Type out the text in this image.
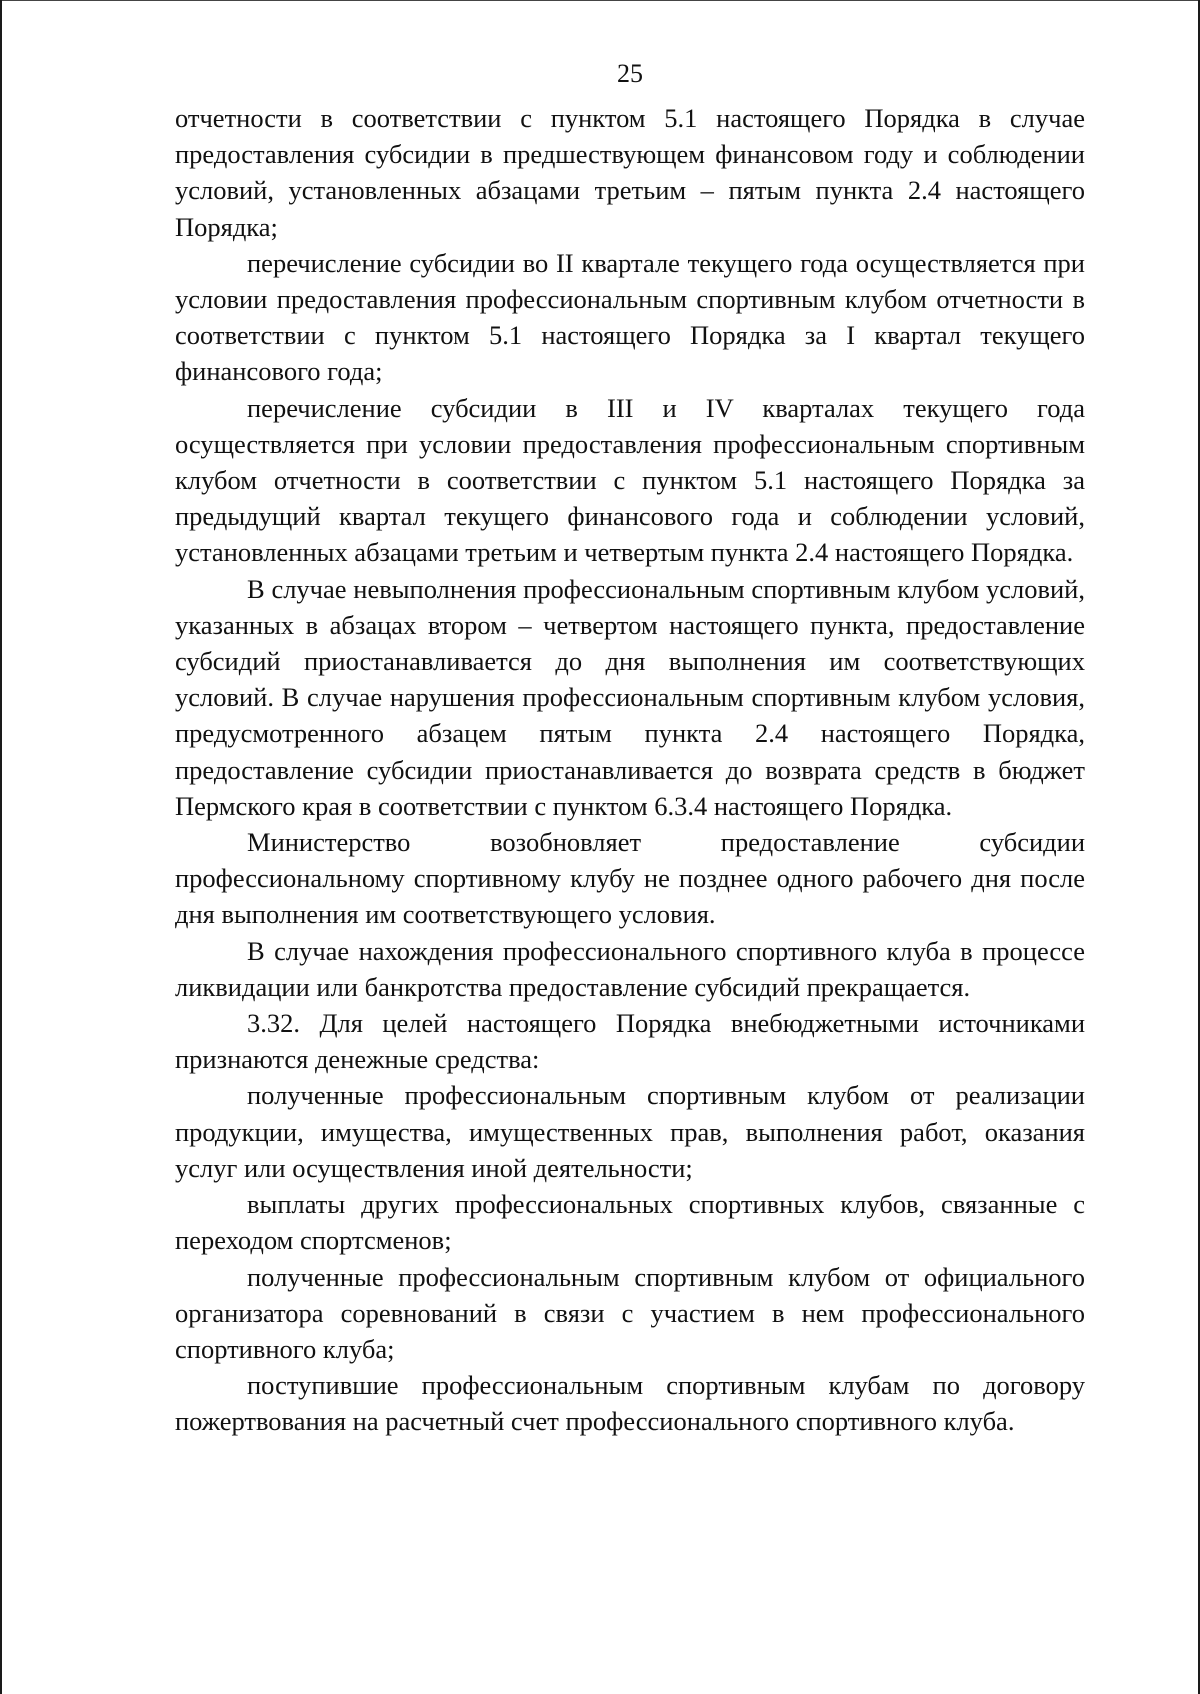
25

отчетности в соответствии с пунктом 5.1 настоящего Порядка в случае предоставления субсидии в предшествующем финансовом году и соблюдении условий, установленных абзацами третьим – пятым пункта 2.4 настоящего Порядка;

перечисление субсидии во II квартале текущего года осуществляется при условии предоставления профессиональным спортивным клубом отчетности в соответствии с пунктом 5.1 настоящего Порядка за I квартал текущего финансового года;

перечисление субсидии в III и IV кварталах текущего года осуществляется при условии предоставления профессиональным спортивным клубом отчетности в соответствии с пунктом 5.1 настоящего Порядка за предыдущий квартал текущего финансового года и соблюдении условий, установленных абзацами третьим и четвертым пункта 2.4 настоящего Порядка.

В случае невыполнения профессиональным спортивным клубом условий, указанных в абзацах втором – четвертом настоящего пункта, предоставление субсидий приостанавливается до дня выполнения им соответствующих условий. В случае нарушения профессиональным спортивным клубом условия, предусмотренного абзацем пятым пункта 2.4 настоящего Порядка, предоставление субсидии приостанавливается до возврата средств в бюджет Пермского края в соответствии с пунктом 6.3.4 настоящего Порядка.

Министерство возобновляет предоставление субсидии профессиональному спортивному клубу не позднее одного рабочего дня после дня выполнения им соответствующего условия.

В случае нахождения профессионального спортивного клуба в процессе ликвидации или банкротства предоставление субсидий прекращается.

3.32. Для целей настоящего Порядка внебюджетными источниками признаются денежные средства:

полученные профессиональным спортивным клубом от реализации продукции, имущества, имущественных прав, выполнения работ, оказания услуг или осуществления иной деятельности;

выплаты других профессиональных спортивных клубов, связанные с переходом спортсменов;

полученные профессиональным спортивным клубом от официального организатора соревнований в связи с участием в нем профессионального спортивного клуба;

поступившие профессиональным спортивным клубам по договору пожертвования на расчетный счет профессионального спортивного клуба.
